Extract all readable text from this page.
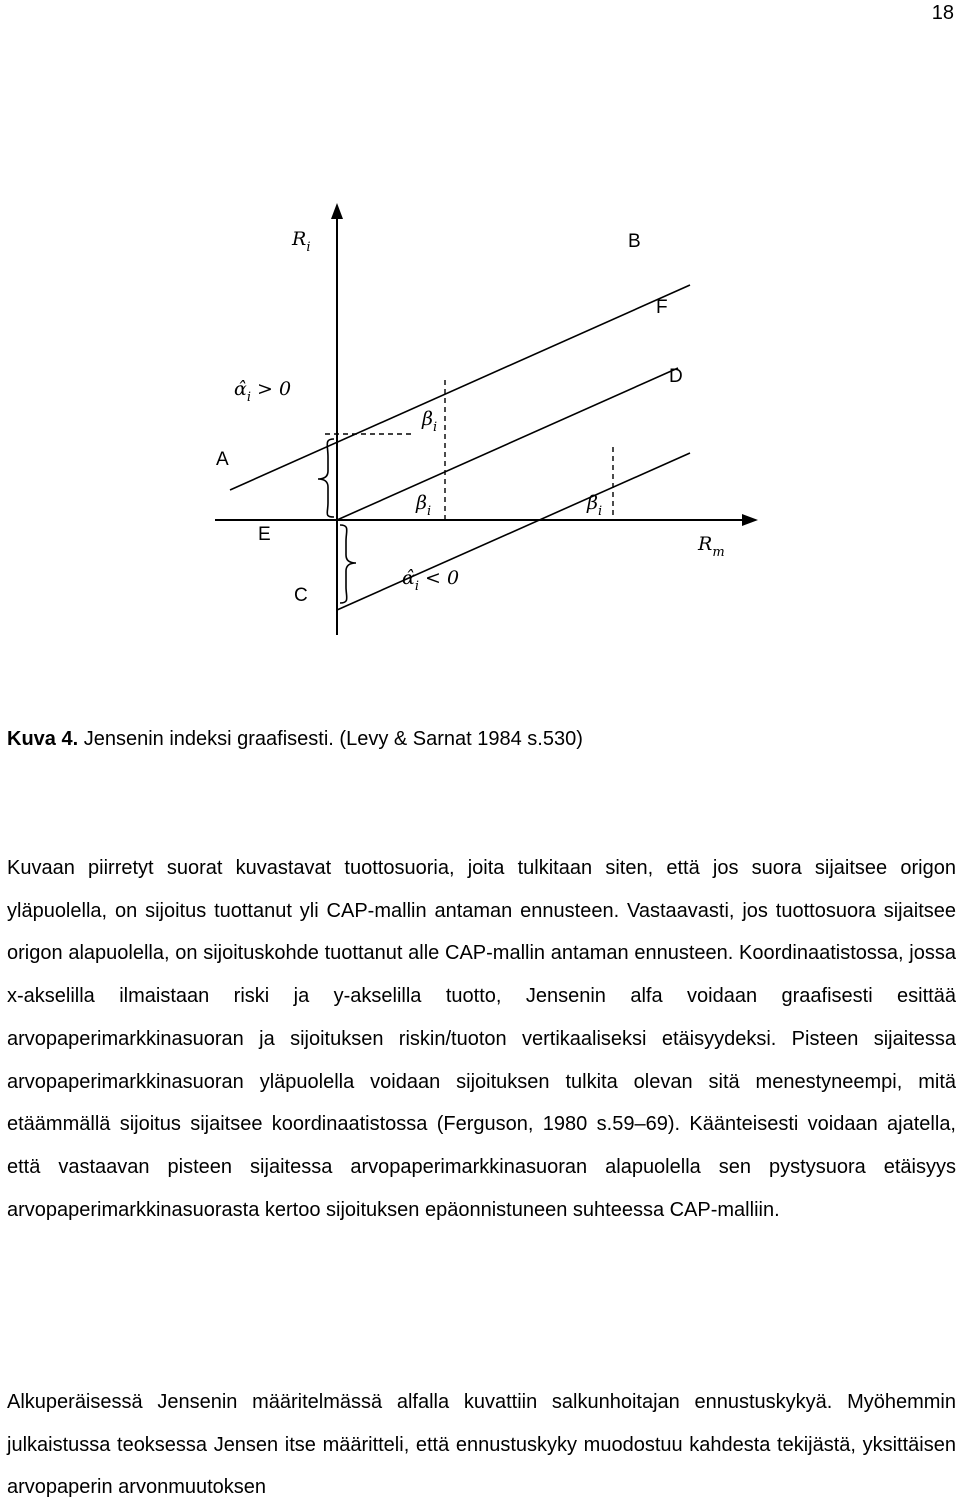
18
$R_i$
$R_m$
B
F
D
A
E
C
$\alphâ_i > 0$
$\alphâ_i < 0$
$\beta_i$
$\beta_i$	$\beta_i$
Kuva 4. Jensenin indeksi graafisesti. (Levy & Sarnat 1984 s.530)

Kuvaan piirretyt suorat kuvastavat tuottosuoria, joita tulkitaan siten, että jos suora sijaitsee origon yläpuolella, on sijoitus tuottanut yli CAP-mallin antaman ennusteen. Vastaavasti, jos tuottosuora sijaitsee origon alapuolella, on sijoituskohde tuottanut alle CAP-mallin antaman ennusteen. Koordinaatistossa, jossa x-akselilla ilmaistaan riski ja y-akselilla tuotto, Jensenin alfa voidaan graafisesti esittää arvopaperimarkkinasuoran ja sijoituksen riskin/tuoton vertikaaliseksi etäisyydeksi. Pisteen sijaitessa arvopaperimarkkinasuoran yläpuolella voidaan sijoituksen tulkita olevan sitä menestyneempi, mitä etäämmällä sijoitus sijaitsee koordinaatistossa (Ferguson, 1980 s.59–69). Käänteisesti voidaan ajatella, että vastaavan pisteen sijaitessa arvopaperimarkkinasuoran alapuolella sen pystysuora etäisyys arvopaperimarkkinasuorasta kertoo sijoituksen epäonnistuneen suhteessa CAP-malliin.

Alkuperäisessä Jensenin määritelmässä alfalla kuvattiin salkunhoitajan ennustuskykyä. Myöhemmin julkaistussa teoksessa Jensen itse määritteli, että ennustuskyky muodostuu kahdesta tekijästä, yksittäisen arvopaperin arvonmuutoksen
